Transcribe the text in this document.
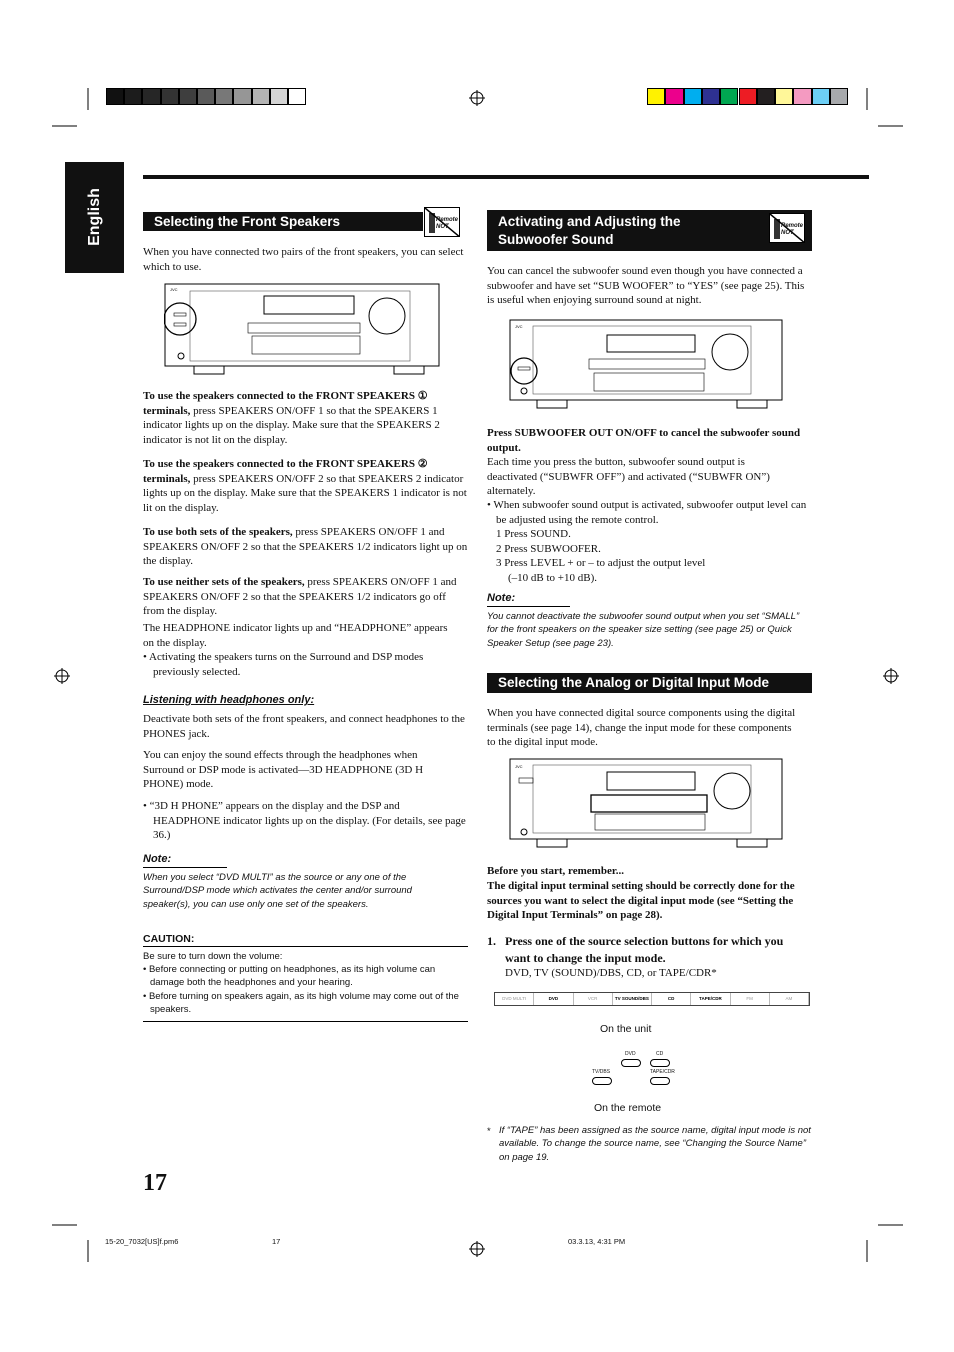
English	Selecting the Front Speakers	Remote NOT
When you have connected two pairs of the front speakers, you can select which to use.
JVC
To use the speakers connected to the FRONT SPEAKERS ① terminals, press SPEAKERS ON/OFF 1 so that the SPEAKERS 1 indicator lights up on the display. Make sure that the SPEAKERS 2 indicator is not lit on the display.
To use the speakers connected to the FRONT SPEAKERS ② terminals, press SPEAKERS ON/OFF 2 so that SPEAKERS 2 indicator lights up on the display. Make sure that the SPEAKERS 1 indicator is not lit on the display.
To use both sets of the speakers, press SPEAKERS ON/OFF 1 and SPEAKERS ON/OFF 2 so that the SPEAKERS 1/2 indicators light up on the display.
To use neither sets of the speakers, press SPEAKERS ON/OFF 1 and SPEAKERS ON/OFF 2 so that the SPEAKERS 1/2 indicators go off from the display.
The HEADPHONE indicator lights up and “HEADPHONE” appears on the display.
• Activating the speakers turns on the Surround and DSP modes previously selected.
Listening with headphones only:
Deactivate both sets of the front speakers, and connect headphones to the PHONES jack.
You can enjoy the sound effects through the headphones when Surround or DSP mode is activated—3D HEADPHONE (3D H PHONE) mode.
• “3D H PHONE” appears on the display and the DSP and HEADPHONE indicator lights up on the display. (For details, see page 36.)
Note:
When you select “DVD MULTI” as the source or any one of the Surround/DSP mode which activates the center and/or surround speaker(s), you can use only one set of the speakers.
CAUTION:
Be sure to turn down the volume:
• Before connecting or putting on headphones, as its high volume can damage both the headphones and your hearing.
• Before turning on speakers again, as its high volume may come out of the speakers.
Activating and Adjusting the
Subwoofer Sound
Remote NOT
You can cancel the subwoofer sound even though you have connected a subwoofer and have set “SUB WOOFER” to “YES” (see page 25). This is useful when enjoying surround sound at night.
JVC
Press SUBWOOFER OUT ON/OFF to cancel the subwoofer sound output.
Each time you press the button, subwoofer sound output is deactivated (“SUBWFR OFF”) and activated (“SUBWFR ON”) alternately.
• When subwoofer sound output is activated, subwoofer output level can be adjusted using the remote control.
1 Press SOUND.
2 Press SUBWOOFER.
3 Press LEVEL + or – to adjust the output level
(–10 dB to +10 dB).
Note:
You cannot deactivate the subwoofer sound output when you set “SMALL” for the front speakers on the speaker size setting (see page 25) or Quick Speaker Setup (see page 23).
Selecting the Analog or Digital Input Mode
When you have connected digital source components using the digital terminals (see page 14), change the input mode for these components to the digital input mode.
JVC
Before you start, remember...
The digital input terminal setting should be correctly done for the sources you want to select the digital input mode (see “Setting the Digital Input Terminals” on page 28).
1. Press one of the source selection buttons for which you want to change the input mode.
DVD, TV (SOUND)/DBS, CD, or TAPE/CDR*
DVD MULTI	DVD	VCR	TV SOUND/DBS	CD	TAPE/CDR	FM	AM
On the unit
DVD	CD
TV/DBS	TAPE/CDR
On the remote
* If “TAPE” has been assigned as the source name, digital input mode is not available. To change the source name, see “Changing the Source Name” on page 19.
17
15-20_7032[US]f.pm6	17	03.3.13, 4:31 PM
